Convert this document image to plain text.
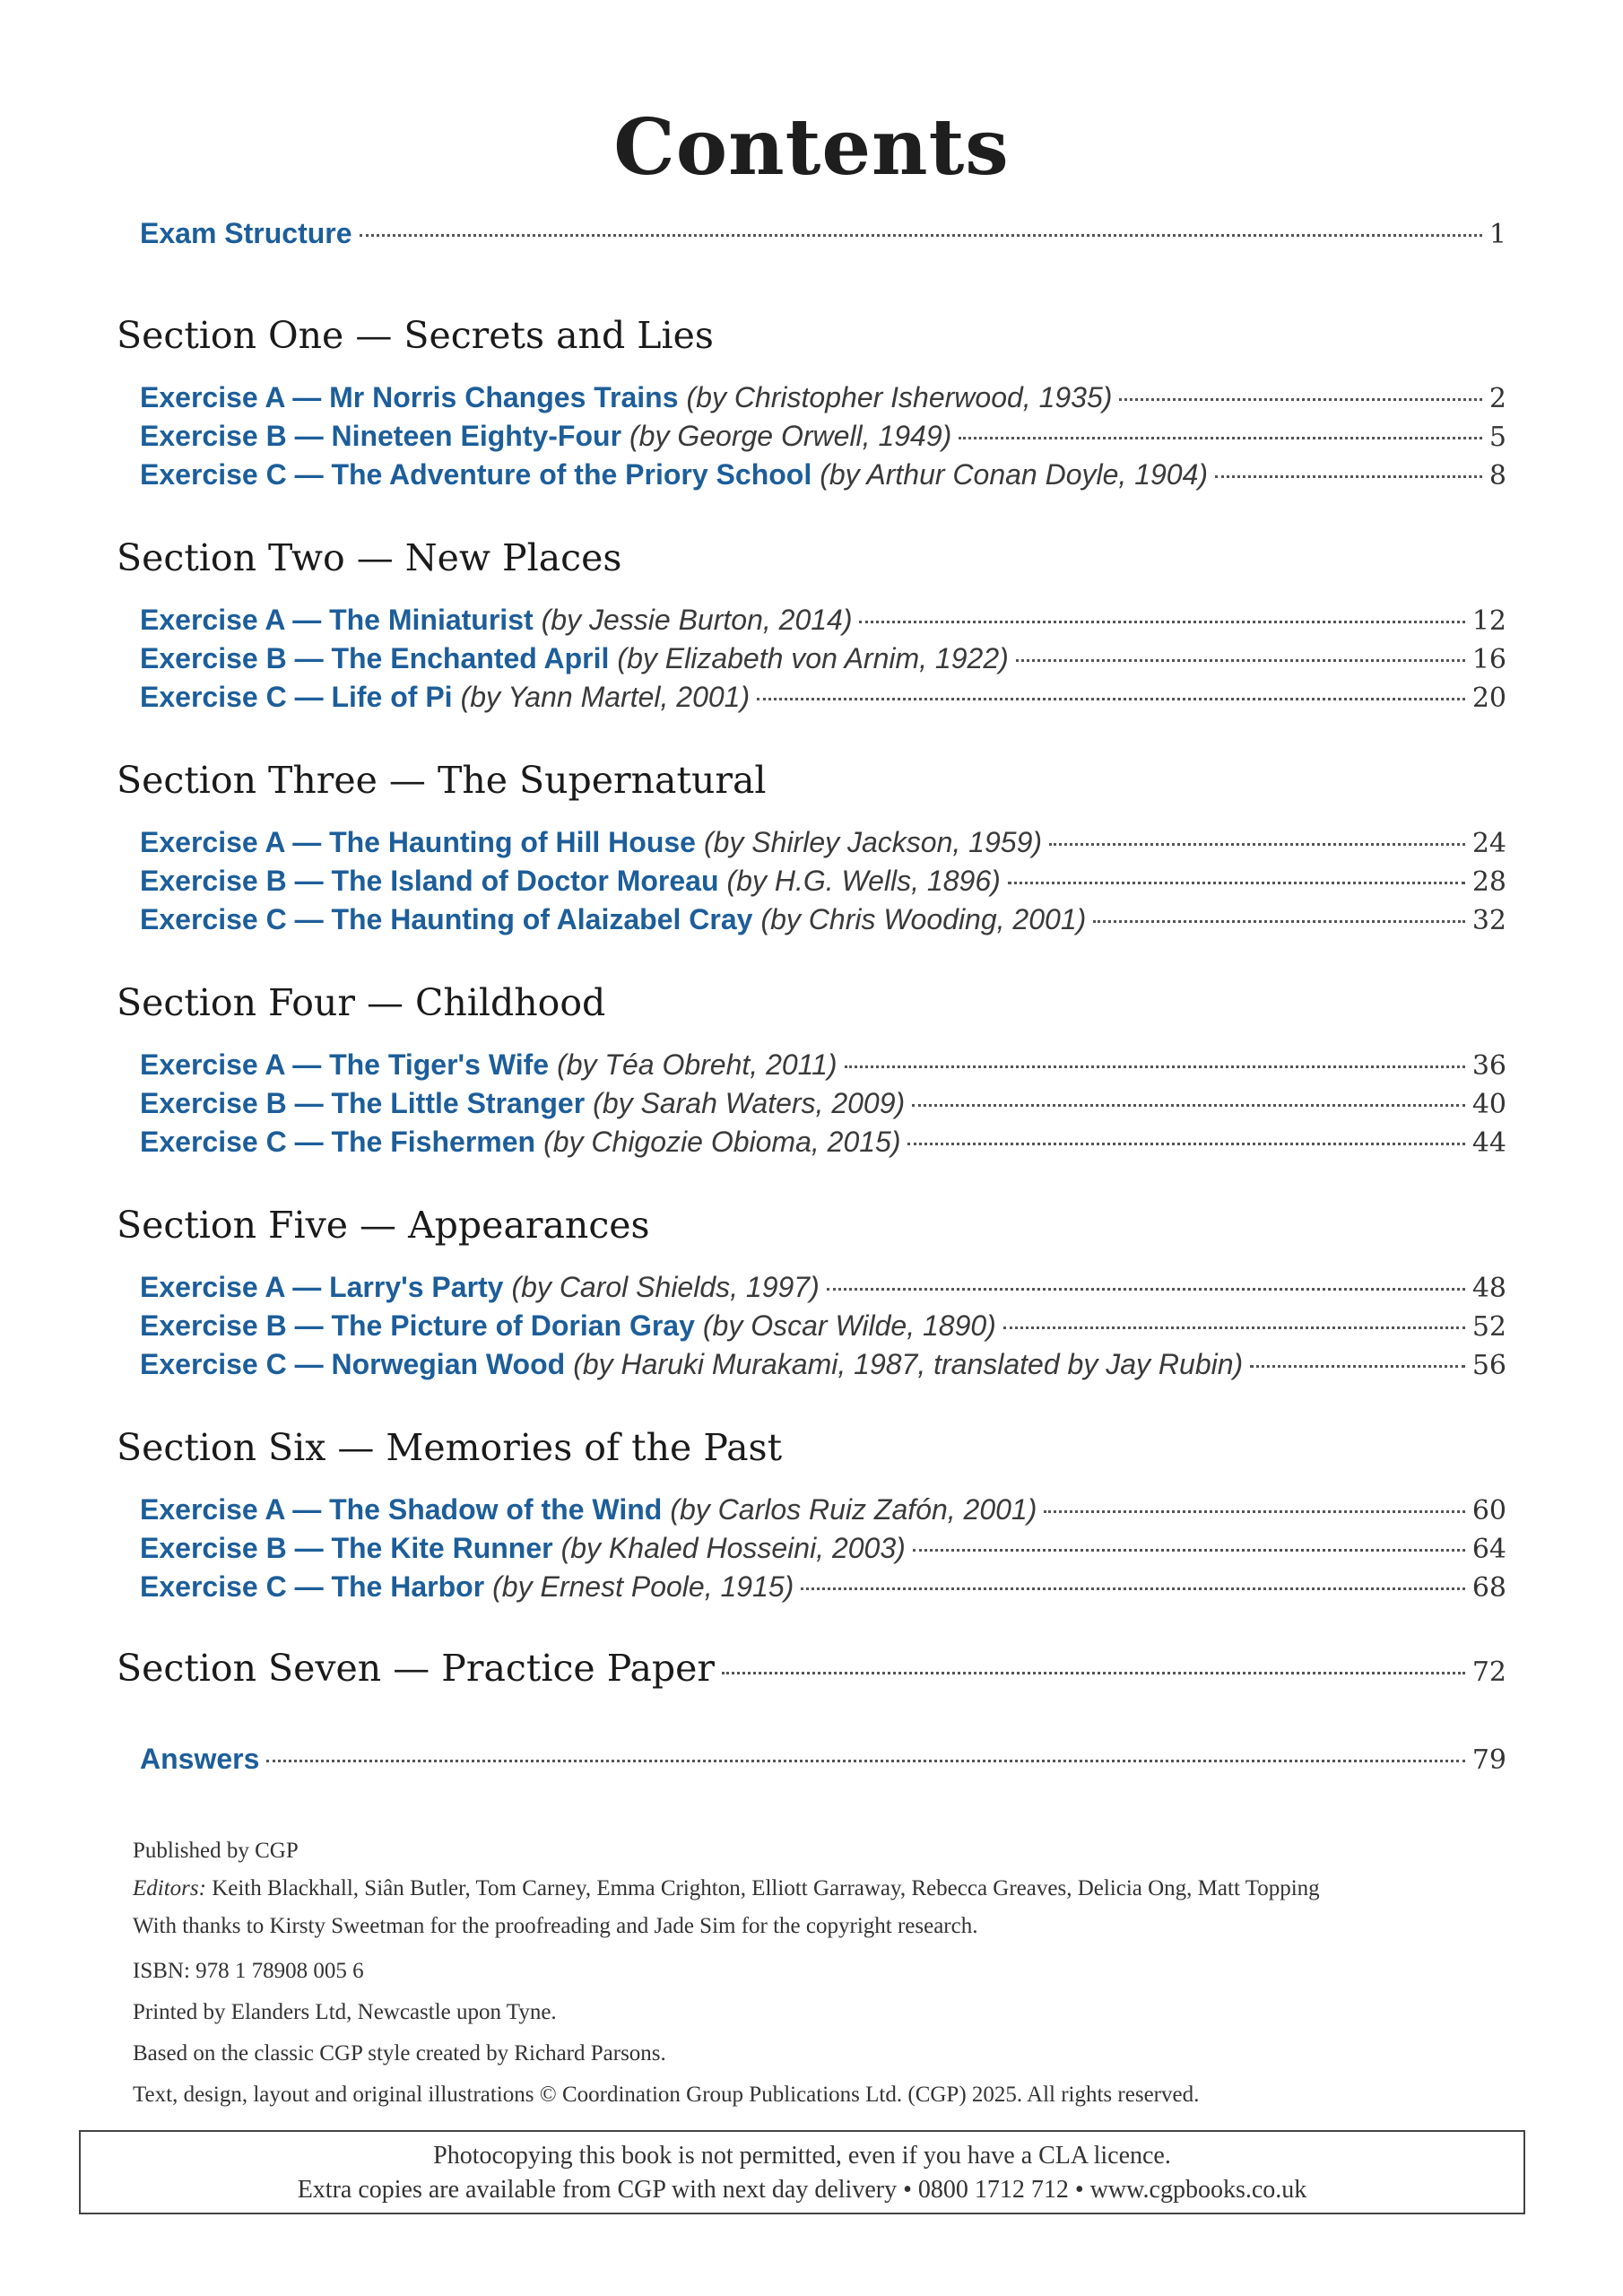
Contents
Exam Structure	1
Section One — Secrets and Lies
Exercise A — Mr Norris Changes Trains (by Christopher Isherwood, 1935)	2
Exercise B — Nineteen Eighty-Four (by George Orwell, 1949)	5
Exercise C — The Adventure of the Priory School (by Arthur Conan Doyle, 1904)	8
Section Two — New Places
Exercise A — The Miniaturist (by Jessie Burton, 2014)	12
Exercise B — The Enchanted April (by Elizabeth von Arnim, 1922)	16
Exercise C — Life of Pi (by Yann Martel, 2001)	20
Section Three — The Supernatural
Exercise A — The Haunting of Hill House (by Shirley Jackson, 1959)	24
Exercise B — The Island of Doctor Moreau (by H.G. Wells, 1896)	28
Exercise C — The Haunting of Alaizabel Cray (by Chris Wooding, 2001)	32
Section Four — Childhood
Exercise A — The Tiger's Wife (by Téa Obreht, 2011)	36
Exercise B — The Little Stranger (by Sarah Waters, 2009)	40
Exercise C — The Fishermen (by Chigozie Obioma, 2015)	44
Section Five — Appearances
Exercise A — Larry's Party (by Carol Shields, 1997)	48
Exercise B — The Picture of Dorian Gray (by Oscar Wilde, 1890)	52
Exercise C — Norwegian Wood (by Haruki Murakami, 1987, translated by Jay Rubin)	56
Section Six — Memories of the Past
Exercise A — The Shadow of the Wind (by Carlos Ruiz Zafón, 2001)	60
Exercise B — The Kite Runner (by Khaled Hosseini, 2003)	64
Exercise C — The Harbor (by Ernest Poole, 1915)	68
Section Seven — Practice Paper	72
Answers	79

Published by CGP

Editors: Keith Blackhall, Siân Butler, Tom Carney, Emma Crighton, Elliott Garraway, Rebecca Greaves, Delicia Ong, Matt Topping

With thanks to Kirsty Sweetman for the proofreading and Jade Sim for the copyright research.

ISBN: 978 1 78908 005 6

Printed by Elanders Ltd, Newcastle upon Tyne.

Based on the classic CGP style created by Richard Parsons.

Text, design, layout and original illustrations © Coordination Group Publications Ltd. (CGP) 2025. All rights reserved.

Photocopying this book is not permitted, even if you have a CLA licence.
Extra copies are available from CGP with next day delivery • 0800 1712 712 • www.cgpbooks.co.uk
